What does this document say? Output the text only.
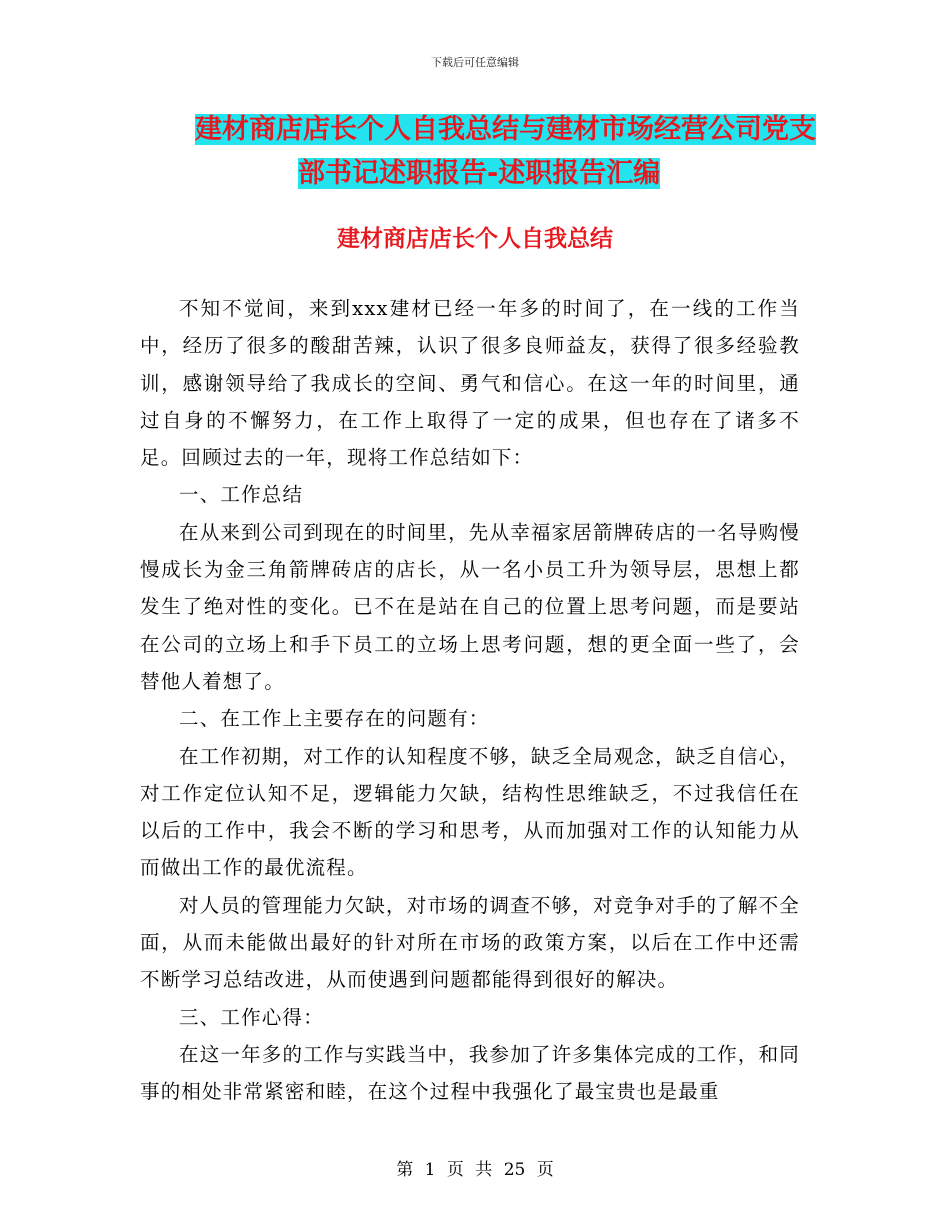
下载后可任意编辑
建材商店店长个人自我总结与建材市场经营公司党支
部书记述职报告-述职报告汇编
建材商店店长个人自我总结

不知不觉间，来到xxx建材已经一年多的时间了，在一线的工作当中，经历了很多的酸甜苦辣，认识了很多良师益友，获得了很多经验教训，感谢领导给了我成长的空间、勇气和信心。在这一年的时间里，通过自身的不懈努力，在工作上取得了一定的成果，但也存在了诸多不足。回顾过去的一年，现将工作总结如下：

一、工作总结

在从来到公司到现在的时间里，先从幸福家居箭牌砖店的一名导购慢慢成长为金三角箭牌砖店的店长，从一名小员工升为领导层，思想上都发生了绝对性的变化。已不在是站在自己的位置上思考问题，而是要站在公司的立场上和手下员工的立场上思考问题，想的更全面一些了，会替他人着想了。

二、在工作上主要存在的问题有：

在工作初期，对工作的认知程度不够，缺乏全局观念，缺乏自信心，对工作定位认知不足，逻辑能力欠缺，结构性思维缺乏，不过我信任在以后的工作中，我会不断的学习和思考，从而加强对工作的认知能力从而做出工作的最优流程。

对人员的管理能力欠缺，对市场的调查不够，对竞争对手的了解不全面，从而未能做出最好的针对所在市场的政策方案，以后在工作中还需不断学习总结改进，从而使遇到问题都能得到很好的解决。

三、工作心得：

在这一年多的工作与实践当中，我参加了许多集体完成的工作，和同事的相处非常紧密和睦，在这个过程中我强化了最宝贵也是最重

第 1 页 共 25 页
